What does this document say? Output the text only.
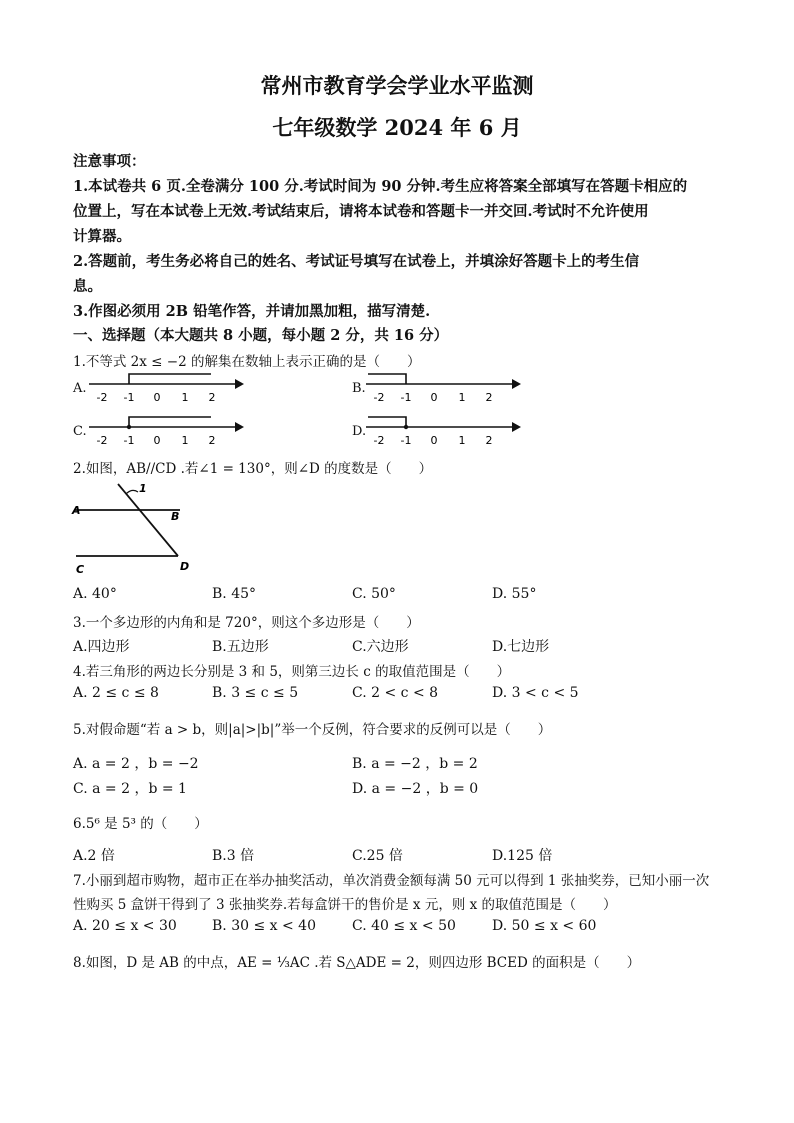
常州市教育学会学业水平监测
七年级数学 2024 年 6 月
注意事项：
1.本试卷共 6 页.全卷满分 100 分.考试时间为 90 分钟.考生应将答案全部填写在答题卡相应的
位置上，写在本试卷上无效.考试结束后，请将本试卷和答题卡一并交回.考试时不允许使用
计算器。
2.答题前，考生务必将自己的姓名、考试证号填写在试卷上，并填涂好答题卡上的考生信
息。
3.作图必须用 2B 铅笔作答，并请加黑加粗，描写清楚.
一、选择题（本大题共 8 小题，每小题 2 分，共 16 分）
1.不等式 2x ≤ −2 的解集在数轴上表示正确的是（　　）
A.
-2 -1 0 1 2
B.
-2 -1 0 1 2
C.
-2 -1 0 1 2
D.
-2 -1 0 1 2
2.如图，AB//CD .若∠1 = 130°，则∠D 的度数是（　　）
1
A	B
C	D
A. 40°	B. 45°	C. 50°	D. 55°
3.一个多边形的内角和是 720°，则这个多边形是（　　）
A.四边形	B.五边形	C.六边形	D.七边形
4.若三角形的两边长分别是 3 和 5，则第三边长 c 的取值范围是（　　）
A. 2 ≤ c ≤ 8	B. 3 ≤ c ≤ 5	C. 2 < c < 8	D. 3 < c < 5
5.对假命题“若 a > b，则|a|>|b|”举一个反例，符合要求的反例可以是（　　）
A. a = 2 ，b = −2	B. a = −2 ，b = 2
C. a = 2 ，b = 1	D. a = −2 ，b = 0
6.5⁶ 是 5³ 的（　　）
A.2 倍	B.3 倍	C.25 倍	D.125 倍
7.小丽到超市购物，超市正在举办抽奖活动，单次消费金额每满 50 元可以得到 1 张抽奖券，已知小丽一次
性购买 5 盒饼干得到了 3 张抽奖券.若每盒饼干的售价是 x 元，则 x 的取值范围是（　　）
A. 20 ≤ x < 30	B. 30 ≤ x < 40	C. 40 ≤ x < 50	D. 50 ≤ x < 60
8.如图，D 是 AB 的中点，AE = ⅓AC .若 S△ADE = 2，则四边形 BCED 的面积是（　　）
